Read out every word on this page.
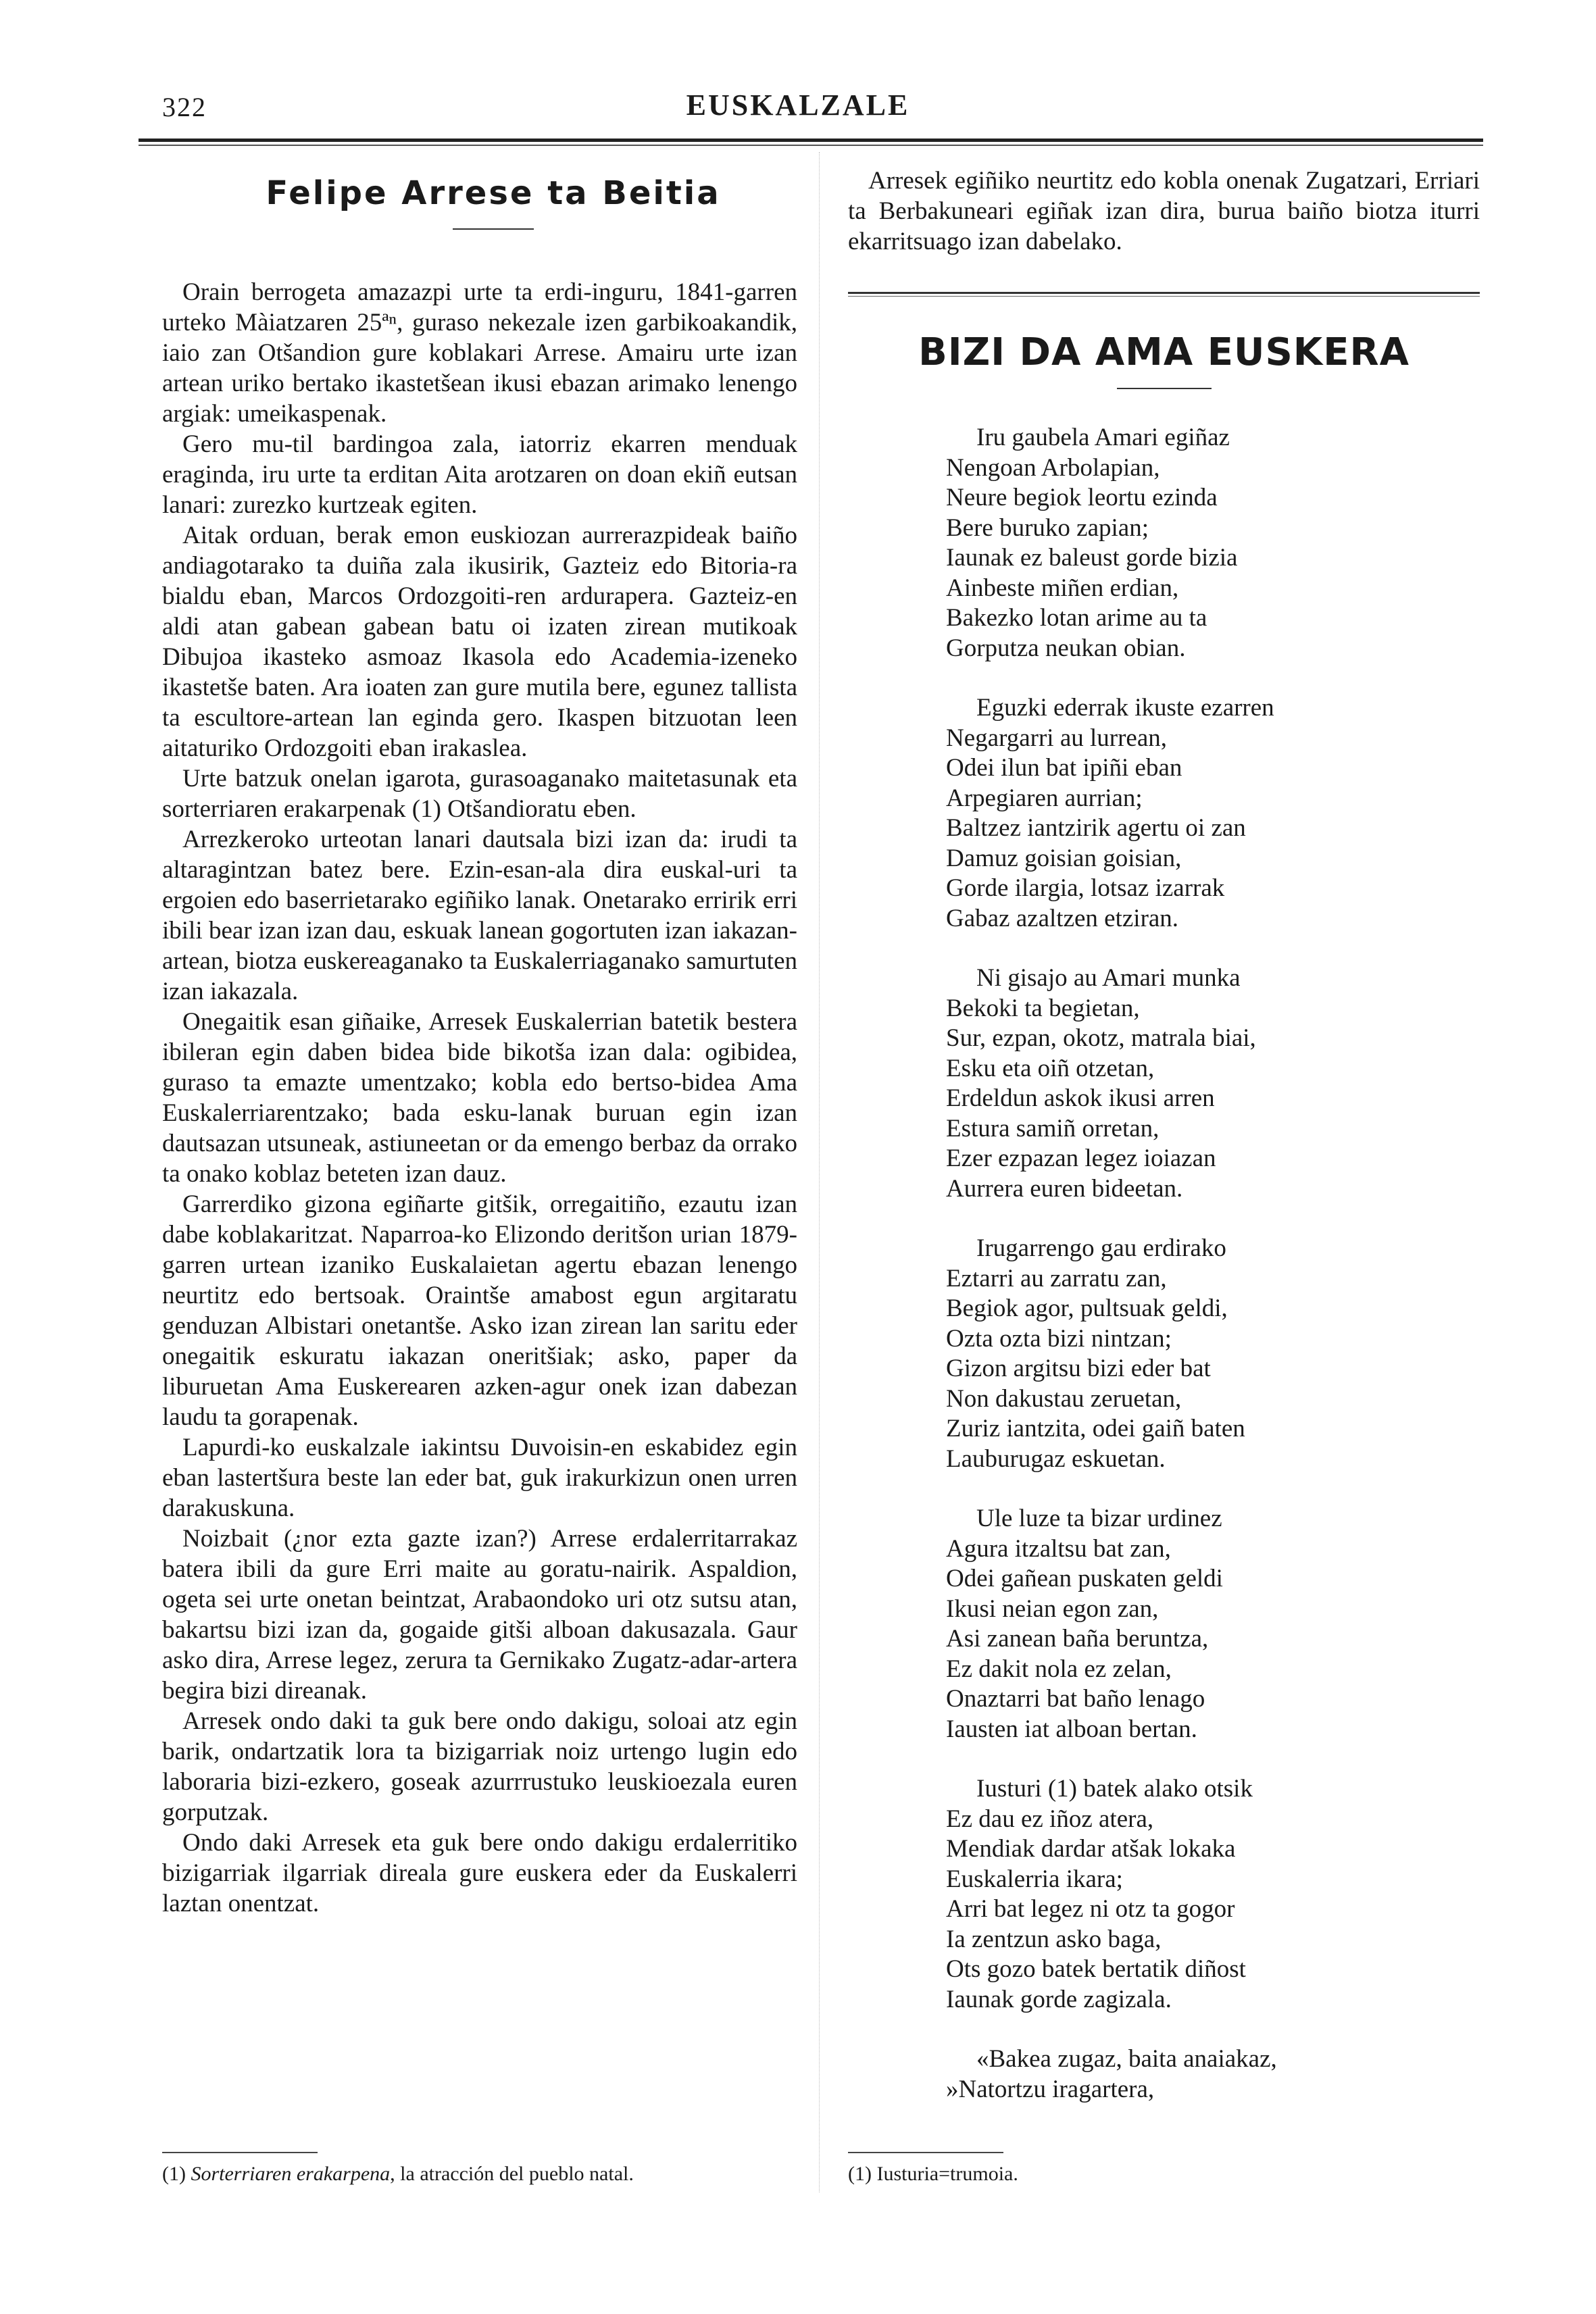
322	EUSKALZALE
Felipe Arrese ta Beitia

Orain berrogeta amazazpi urte ta erdi-inguru, 1841-garren urteko Màiatzaren 25ªⁿ, guraso nekezale izen garbikoakandik, iaio zan Otšandion gure koblakari Arrese. Amairu urte izan artean uriko bertako ikastetšean ikusi ebazan arimako lenengo argiak: umeikaspenak.

Gero mu-til bardingoa zala, iatorriz ekarren menduak eraginda, iru urte ta erditan Aita arotzaren on doan ekiñ eutsan lanari: zurezko kurtzeak egiten.

Aitak orduan, berak emon euskiozan aurrerazpideak baiño andiagotarako ta duiña zala ikusirik, Gazteiz edo Bitoria-ra bialdu eban, Marcos Ordozgoiti-ren ardurapera. Gazteiz-en aldi atan gabean gabean batu oi izaten zirean mutikoak Dibujoa ikasteko asmoaz Ikasola edo Academia-izeneko ikastetše baten. Ara ioaten zan gure mutila bere, egunez tallista ta escultore-artean lan eginda gero. Ikaspen bitzuotan leen aitaturiko Ordozgoiti eban irakaslea.

Urte batzuk onelan igarota, gurasoaganako maitetasunak eta sorterriaren erakarpenak (1) Otšandioratu eben.

Arrezkeroko urteotan lanari dautsala bizi izan da: irudi ta altaragintzan batez bere. Ezin-esan-ala dira euskal-uri ta ergoien edo baserrietarako egiñiko lanak. Onetarako erririk erri ibili bear izan izan dau, eskuak lanean gogortuten izan iakazan-artean, biotza euskereaganako ta Euskalerriaganako samurtuten izan iakazala.

Onegaitik esan giñaike, Arresek Euskalerrian batetik bestera ibileran egin daben bidea bide bikotša izan dala: ogibidea, guraso ta emazte umentzako; kobla edo bertso-bidea Ama Euskalerriarentzako; bada esku-lanak buruan egin izan dautsazan utsuneak, astiuneetan or da emengo berbaz da orrako ta onako koblaz beteten izan dauz.

Garrerdiko gizona egiñarte gitšik, orregaitiño, ezautu izan dabe koblakaritzat. Naparroa-ko Elizondo deritšon urian 1879-garren urtean izaniko Euskalaietan agertu ebazan lenengo neurtitz edo bertsoak. Oraintše amabost egun argitaratu genduzan Albistari onetantše. Asko izan zirean lan saritu eder onegaitik eskuratu iakazan oneritšiak; asko, paper da liburuetan Ama Euskerearen azken-agur onek izan dabezan laudu ta gorapenak.

Lapurdi-ko euskalzale iakintsu Duvoisin-en eskabidez egin eban lastertšura beste lan eder bat, guk irakurkizun onen urren darakuskuna.

Noizbait (¿nor ezta gazte izan?) Arrese erdalerritarrakaz batera ibili da gure Erri maite au goratu-nairik. Aspaldion, ogeta sei urte onetan beintzat, Arabaondoko uri otz sutsu atan, bakartsu bizi izan da, gogaide gitši alboan dakusazala. Gaur asko dira, Arrese legez, zerura ta Gernikako Zugatz-adar-artera begira bizi direanak.

Arresek ondo daki ta guk bere ondo dakigu, soloai atz egin barik, ondartzatik lora ta bizigarriak noiz urtengo lugin edo laboraria bizi-ezkero, goseak azurrrustuko leuskioezala euren gorputzak.

Ondo daki Arresek eta guk bere ondo dakigu erdalerritiko bizigarriak ilgarriak direala gure euskera eder da Euskalerri laztan onentzat.

(1) Sorterriaren erakarpena, la atracción del pueblo natal.

Arresek egiñiko neurtitz edo kobla onenak Zugatzari, Erriari ta Berbakuneari egiñak izan dira, burua baiño biotza iturri ekarritsuago izan dabelako.

BIZI DA AMA EUSKERA
Iru gaubela Amari egiñaz
Nengoan Arbolapian,
Neure begiok leortu ezinda
Bere buruko zapian;
Iaunak ez baleust gorde bizia
Ainbeste miñen erdian,
Bakezko lotan arime au ta
Gorputza neukan obian.
Eguzki ederrak ikuste ezarren
Negargarri au lurrean,
Odei ilun bat ipiñi eban
Arpegiaren aurrian;
Baltzez iantzirik agertu oi zan
Damuz goisian goisian,
Gorde ilargia, lotsaz izarrak
Gabaz azaltzen etziran.
Ni gisajo au Amari munka
Bekoki ta begietan,
Sur, ezpan, okotz, matrala biai,
Esku eta oiñ otzetan,
Erdeldun askok ikusi arren
Estura samiñ orretan,
Ezer ezpazan legez ioiazan
Aurrera euren bideetan.
Irugarrengo gau erdirako
Eztarri au zarratu zan,
Begiok agor, pultsuak geldi,
Ozta ozta bizi nintzan;
Gizon argitsu bizi eder bat
Non dakustau zeruetan,
Zuriz iantzita, odei gaiñ baten
Lauburugaz eskuetan.
Ule luze ta bizar urdinez
Agura itzaltsu bat zan,
Odei gañean puskaten geldi
Ikusi neian egon zan,
Asi zanean baña beruntza,
Ez dakit nola ez zelan,
Onaztarri bat baño lenago
Iausten iat alboan bertan.
Iusturi (1) batek alako otsik
Ez dau ez iñoz atera,
Mendiak dardar atšak lokaka
Euskalerria ikara;
Arri bat legez ni otz ta gogor
Ia zentzun asko baga,
Ots gozo batek bertatik diñost
Iaunak gorde zagizala.
«Bakea zugaz, baita anaiakaz,
»Natortzu iragartera,

(1) Iusturia=trumoia.
